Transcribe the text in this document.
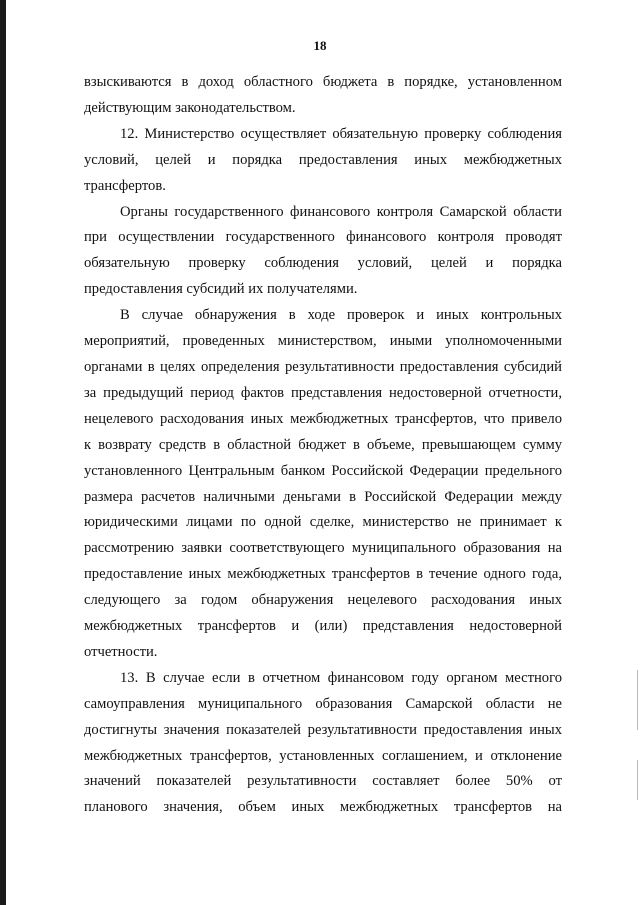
18

взыскиваются в доход областного бюджета в порядке, установленном
действующим законодательством.

12. Министерство осуществляет обязательную проверку соблюдения
условий, целей и порядка предоставления иных межбюджетных
трансфертов.

Органы государственного финансового контроля Самарской области
при осуществлении государственного финансового контроля проводят
обязательную проверку соблюдения условий, целей и порядка
предоставления субсидий их получателями.

В случае обнаружения в ходе проверок и иных контрольных
мероприятий, проведенных министерством, иными уполномоченными
органами в целях определения результативности предоставления субсидий
за предыдущий период фактов представления недостоверной отчетности,
нецелевого расходования иных межбюджетных трансфертов, что привело
к возврату средств в областной бюджет в объеме, превышающем сумму
установленного Центральным банком Российской Федерации предельного
размера расчетов наличными деньгами в Российской Федерации между
юридическими лицами по одной сделке, министерство не принимает к
рассмотрению заявки соответствующего муниципального образования на
предоставление иных межбюджетных трансфертов в течение одного года,
следующего за годом обнаружения нецелевого расходования иных
межбюджетных трансфертов и (или) представления недостоверной
отчетности.

13. В случае если в отчетном финансовом году органом местного
самоуправления муниципального образования Самарской области не
достигнуты значения показателей результативности предоставления иных
межбюджетных трансфертов, установленных соглашением, и отклонение
значений показателей результативности составляет более 50% от
планового значения, объем иных межбюджетных трансфертов на
